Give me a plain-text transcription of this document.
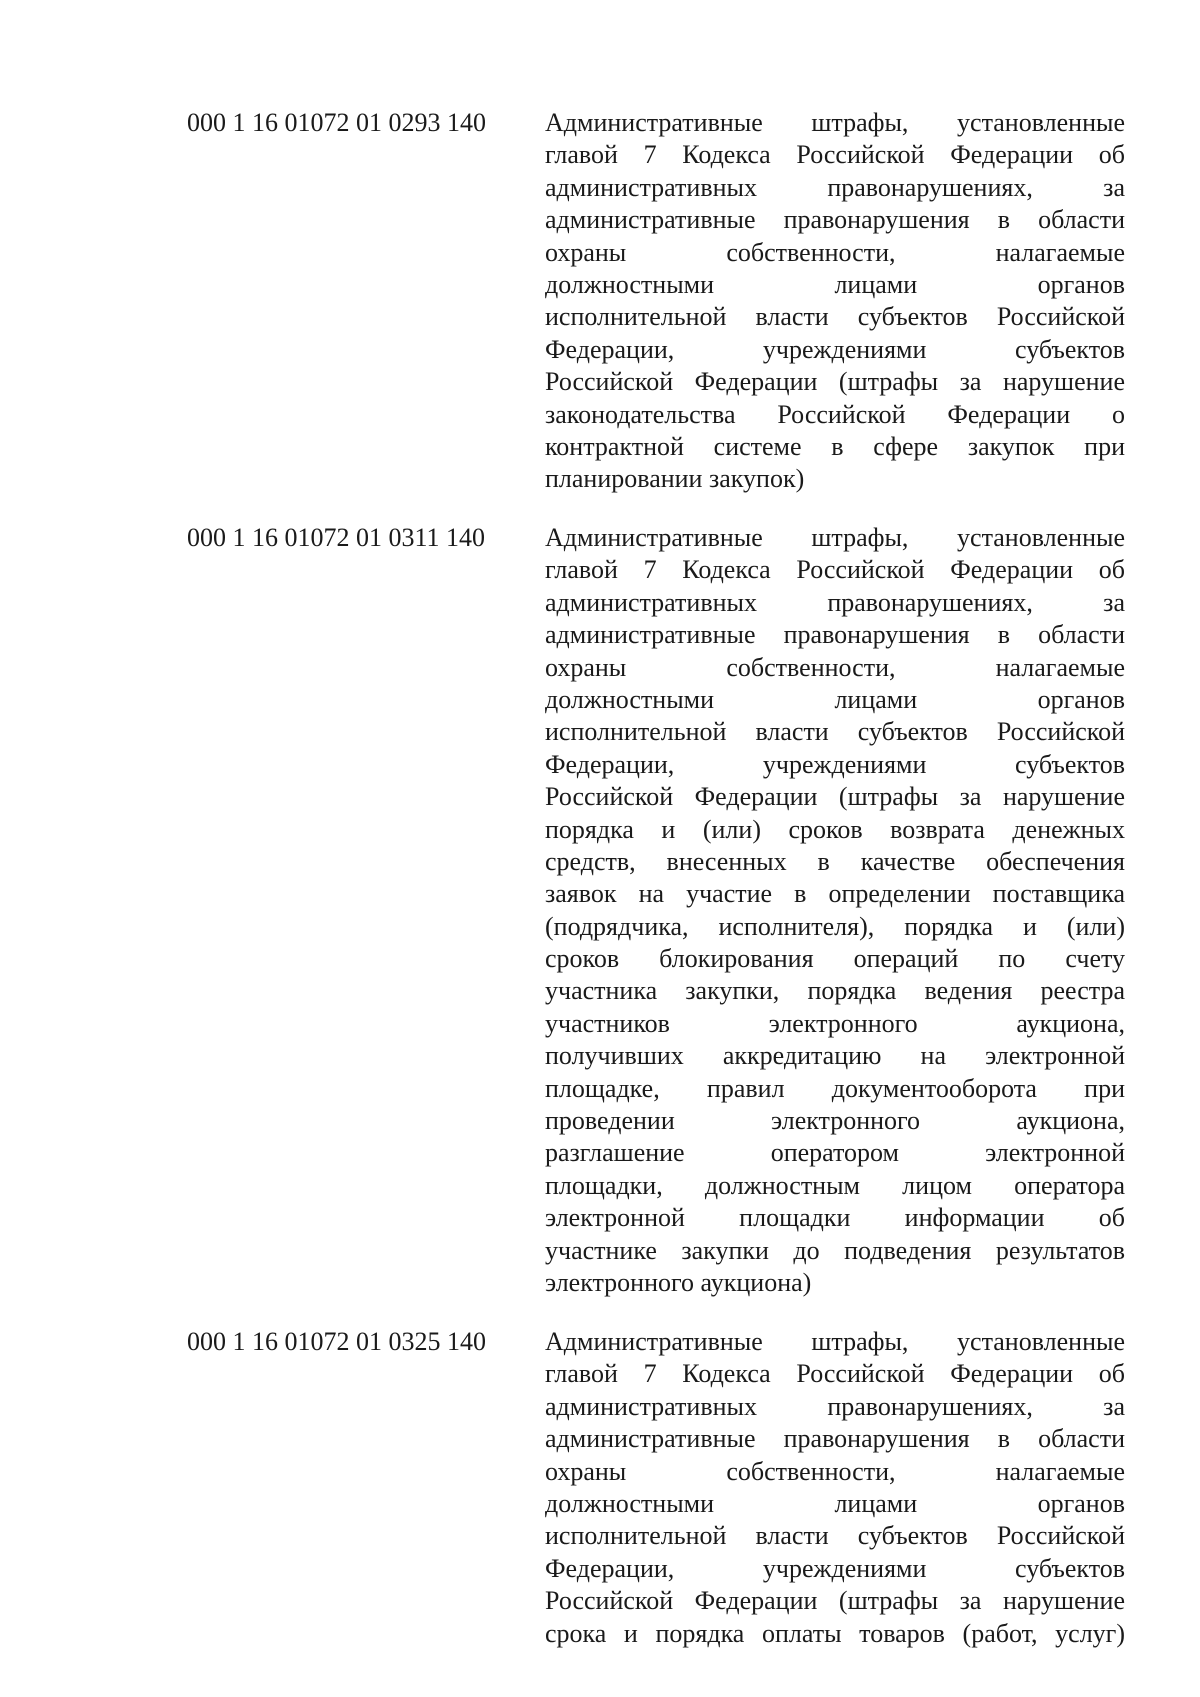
000 1 16 01072 01 0293 140 Административные штрафы, установленные
главой 7 Кодекса Российской Федерации об
административных правонарушениях, за
административные правонарушения в области
охраны собственности, налагаемые
должностными лицами органов
исполнительной власти субъектов Российской
Федерации, учреждениями субъектов
Российской Федерации (штрафы за нарушение
законодательства Российской Федерации о
контрактной системе в сфере закупок при
планировании закупок)
000 1 16 01072 01 0311 140 Административные штрафы, установленные
главой 7 Кодекса Российской Федерации об
административных правонарушениях, за
административные правонарушения в области
охраны собственности, налагаемые
должностными лицами органов
исполнительной власти субъектов Российской
Федерации, учреждениями субъектов
Российской Федерации (штрафы за нарушение
порядка и (или) сроков возврата денежных
средств, внесенных в качестве обеспечения
заявок на участие в определении поставщика
(подрядчика, исполнителя), порядка и (или)
сроков блокирования операций по счету
участника закупки, порядка ведения реестра
участников электронного аукциона,
получивших аккредитацию на электронной
площадке, правил документооборота при
проведении электронного аукциона,
разглашение оператором электронной
площадки, должностным лицом оператора
электронной площадки информации об
участнике закупки до подведения результатов
электронного аукциона)
000 1 16 01072 01 0325 140 Административные штрафы, установленные
главой 7 Кодекса Российской Федерации об
административных правонарушениях, за
административные правонарушения в области
охраны собственности, налагаемые
должностными лицами органов
исполнительной власти субъектов Российской
Федерации, учреждениями субъектов
Российской Федерации (штрафы за нарушение
срока и порядка оплаты товаров (работ, услуг)
